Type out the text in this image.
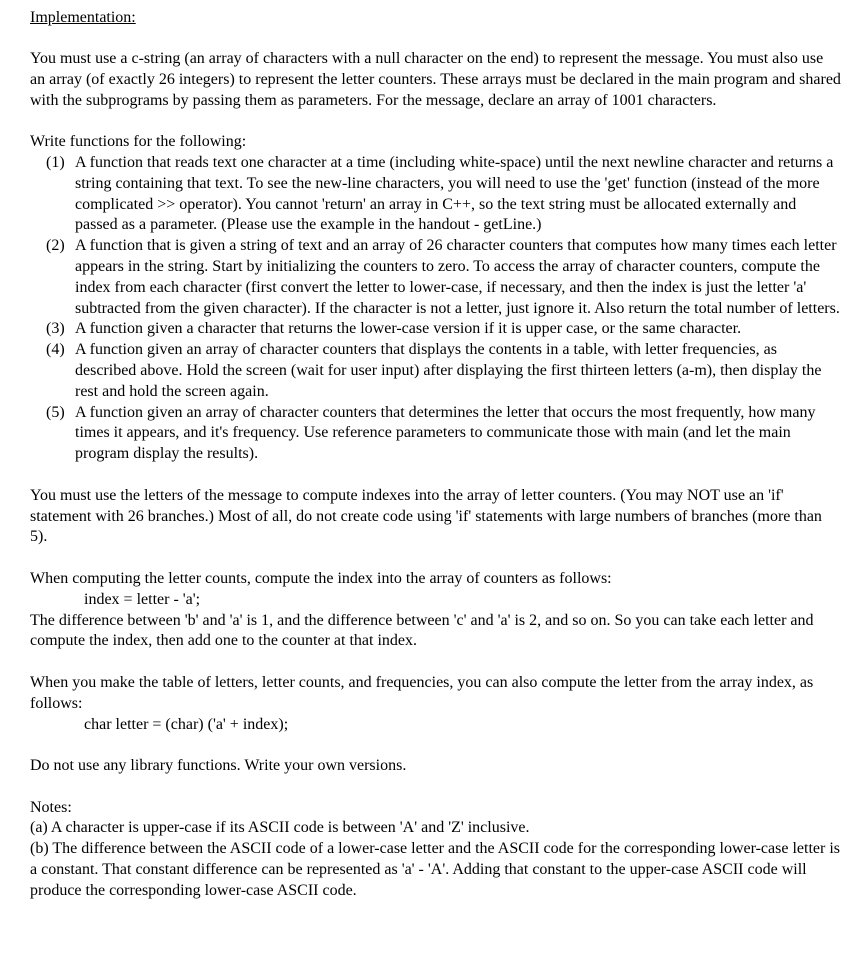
Implementation:

You must use a c-string (an array of characters with a null character on the end) to represent the message. You must also use an array (of exactly 26 integers) to represent the letter counters. These arrays must be declared in the main program and shared with the subprograms by passing them as parameters. For the message, declare an array of 1001 characters.

Write functions for the following:
(1) A function that reads text one character at a time (including white-space) until the next newline character and returns a string containing that text. To see the new-line characters, you will need to use the 'get' function (instead of the more complicated >> operator). You cannot 'return' an array in C++, so the text string must be allocated externally and passed as a parameter. (Please use the example in the handout - getLine.)
(2) A function that is given a string of text and an array of 26 character counters that computes how many times each letter appears in the string. Start by initializing the counters to zero. To access the array of character counters, compute the index from each character (first convert the letter to lower-case, if necessary, and then the index is just the letter 'a' subtracted from the given character). If the character is not a letter, just ignore it. Also return the total number of letters.
(3) A function given a character that returns the lower-case version if it is upper case, or the same character.
(4) A function given an array of character counters that displays the contents in a table, with letter frequencies, as described above. Hold the screen (wait for user input) after displaying the first thirteen letters (a-m), then display the rest and hold the screen again.
(5) A function given an array of character counters that determines the letter that occurs the most frequently, how many times it appears, and it's frequency. Use reference parameters to communicate those with main (and let the main program display the results).

You must use the letters of the message to compute indexes into the array of letter counters. (You may NOT use an 'if' statement with 26 branches.) Most of all, do not create code using 'if' statements with large numbers of branches (more than 5).

When computing the letter counts, compute the index into the array of counters as follows:
index = letter - 'a';
The difference between 'b' and 'a' is 1, and the difference between 'c' and 'a' is 2, and so on. So you can take each letter and compute the index, then add one to the counter at that index.
When you make the table of letters, letter counts, and frequencies, you can also compute the letter from the array index, as follows:
char letter = (char) ('a' + index);

Do not use any library functions. Write your own versions.

Notes:

(a) A character is upper-case if its ASCII code is between 'A' and 'Z' inclusive.

(b) The difference between the ASCII code of a lower-case letter and the ASCII code for the corresponding lower-case letter is a constant. That constant difference can be represented as 'a' - 'A'. Adding that constant to the upper-case ASCII code will produce the corresponding lower-case ASCII code.
